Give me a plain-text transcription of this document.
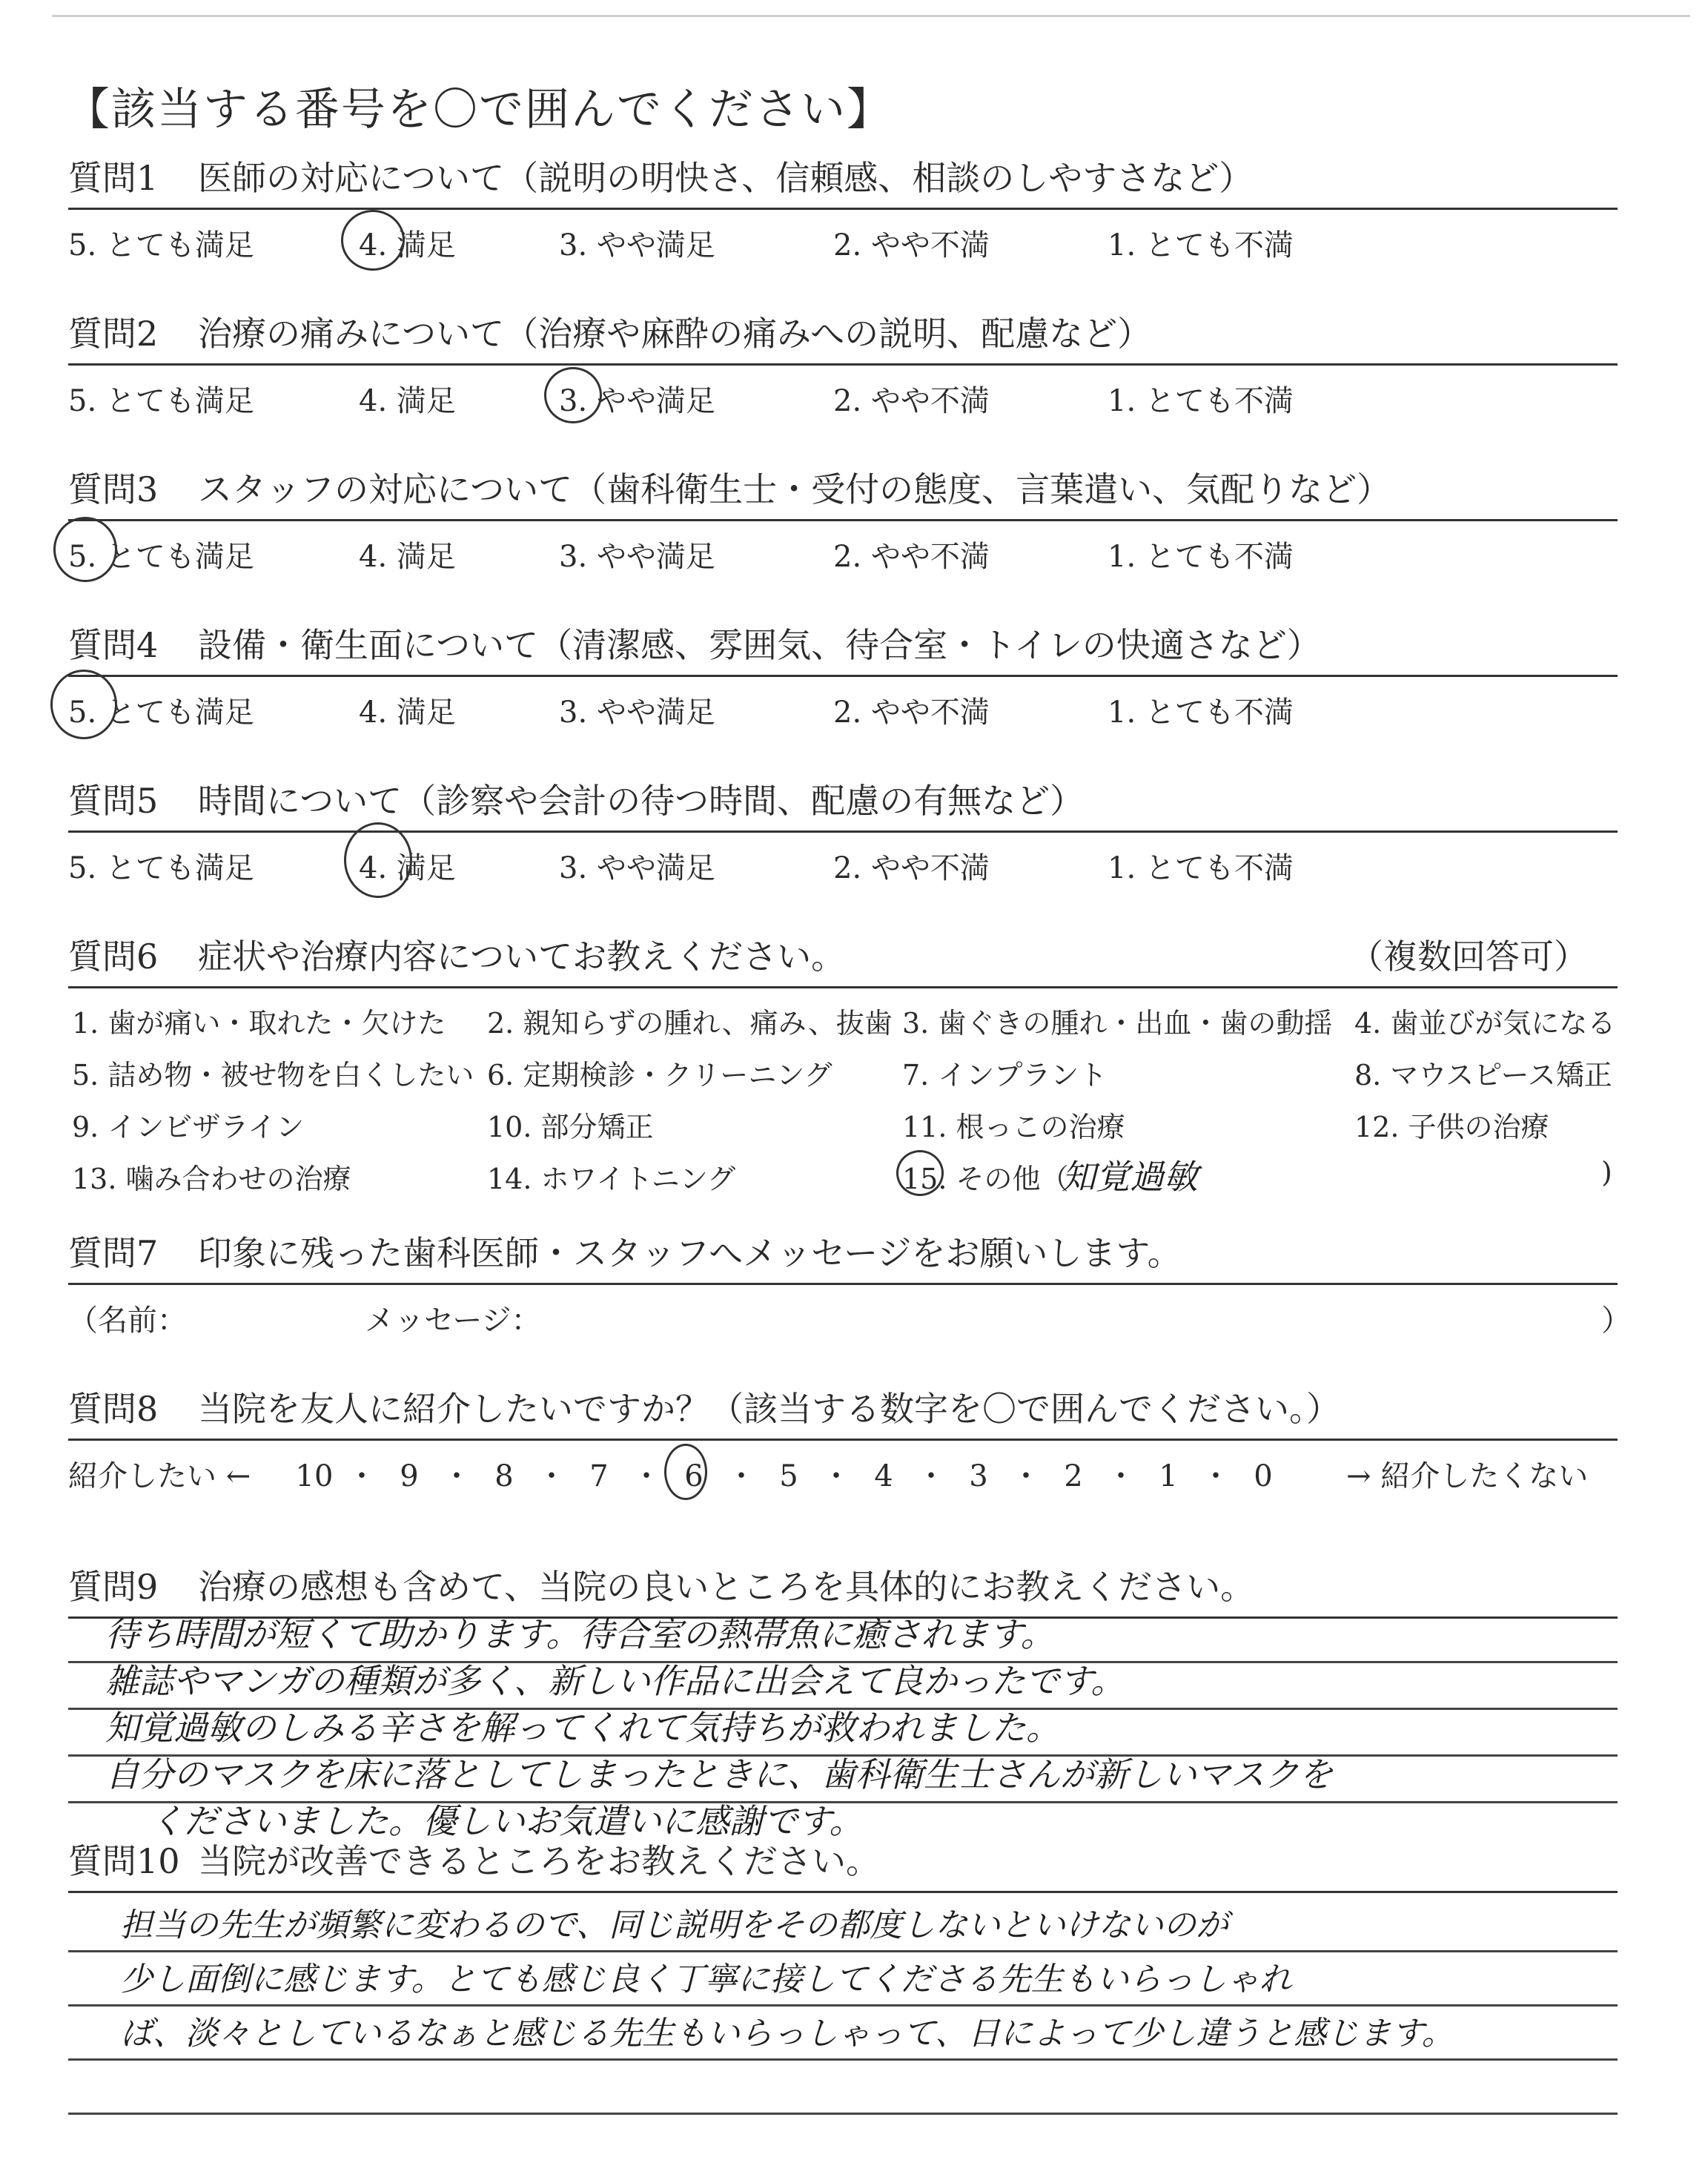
【該当する番号を〇で囲んでください】
質問1 医師の対応について（説明の明快さ、信頼感、相談のしやすさなど）
5. とても満足	4. 満足	3. やや満足	2. やや不満	1. とても不満
質問2 治療の痛みについて（治療や麻酔の痛みへの説明、配慮など）
5. とても満足	4. 満足	3. やや満足	2. やや不満	1. とても不満
質問3 スタッフの対応について（歯科衛生士・受付の態度、言葉遣い、気配りなど）
5. とても満足	4. 満足	3. やや満足	2. やや不満	1. とても不満
質問4 設備・衛生面について（清潔感、雰囲気、待合室・トイレの快適さなど）
5. とても満足	4. 満足	3. やや満足	2. やや不満	1. とても不満
質問5 時間について（診察や会計の待つ時間、配慮の有無など）
5. とても満足	4. 満足	3. やや満足	2. やや不満	1. とても不満
質問6 症状や治療内容についてお教えください。	（複数回答可）
1. 歯が痛い・取れた・欠けた 2. 親知らずの腫れ、痛み、抜歯 3. 歯ぐきの腫れ・出血・歯の動揺 4. 歯並びが気になる
5. 詰め物・被せ物を白くしたい 6. 定期検診・クリーニング 7. インプラント	8. マウスピース矯正
9. インビザライン	10. 部分矯正	11. 根っこの治療	12. 子供の治療
13. 噛み合わせの治療	14. ホワイトニング	15. その他（
知覚過敏	)
質問7 印象に残った歯科医師・スタッフへメッセージをお願いします。
（名前：	メッセージ：	）
質問8 当院を友人に紹介したいですか？（該当する数字を〇で囲んでください。）
紹介したい ← 10 ・ 9 ・ 8 ・ 7 ・ 6 ・ 5 ・ 4 ・ 3 ・ 2 ・ 1 ・ 0	→ 紹介したくない
質問9 治療の感想も含めて、当院の良いところを具体的にお教えください。
待ち時間が短くて助かります。待合室の熱帯魚に癒されます。
雑誌やマンガの種類が多く、新しい作品に出会えて良かったです。
知覚過敏のしみる辛さを解ってくれて気持ちが救われました。
自分のマスクを床に落としてしまったときに、歯科衛生士さんが新しいマスクを
くださいました。優しいお気遣いに感謝です。
質問10 当院が改善できるところをお教えください。
担当の先生が頻繁に変わるので、同じ説明をその都度しないといけないのが
少し面倒に感じます。とても感じ良く丁寧に接してくださる先生もいらっしゃれ
ば、淡々としているなぁと感じる先生もいらっしゃって、日によって少し違うと感じます。
